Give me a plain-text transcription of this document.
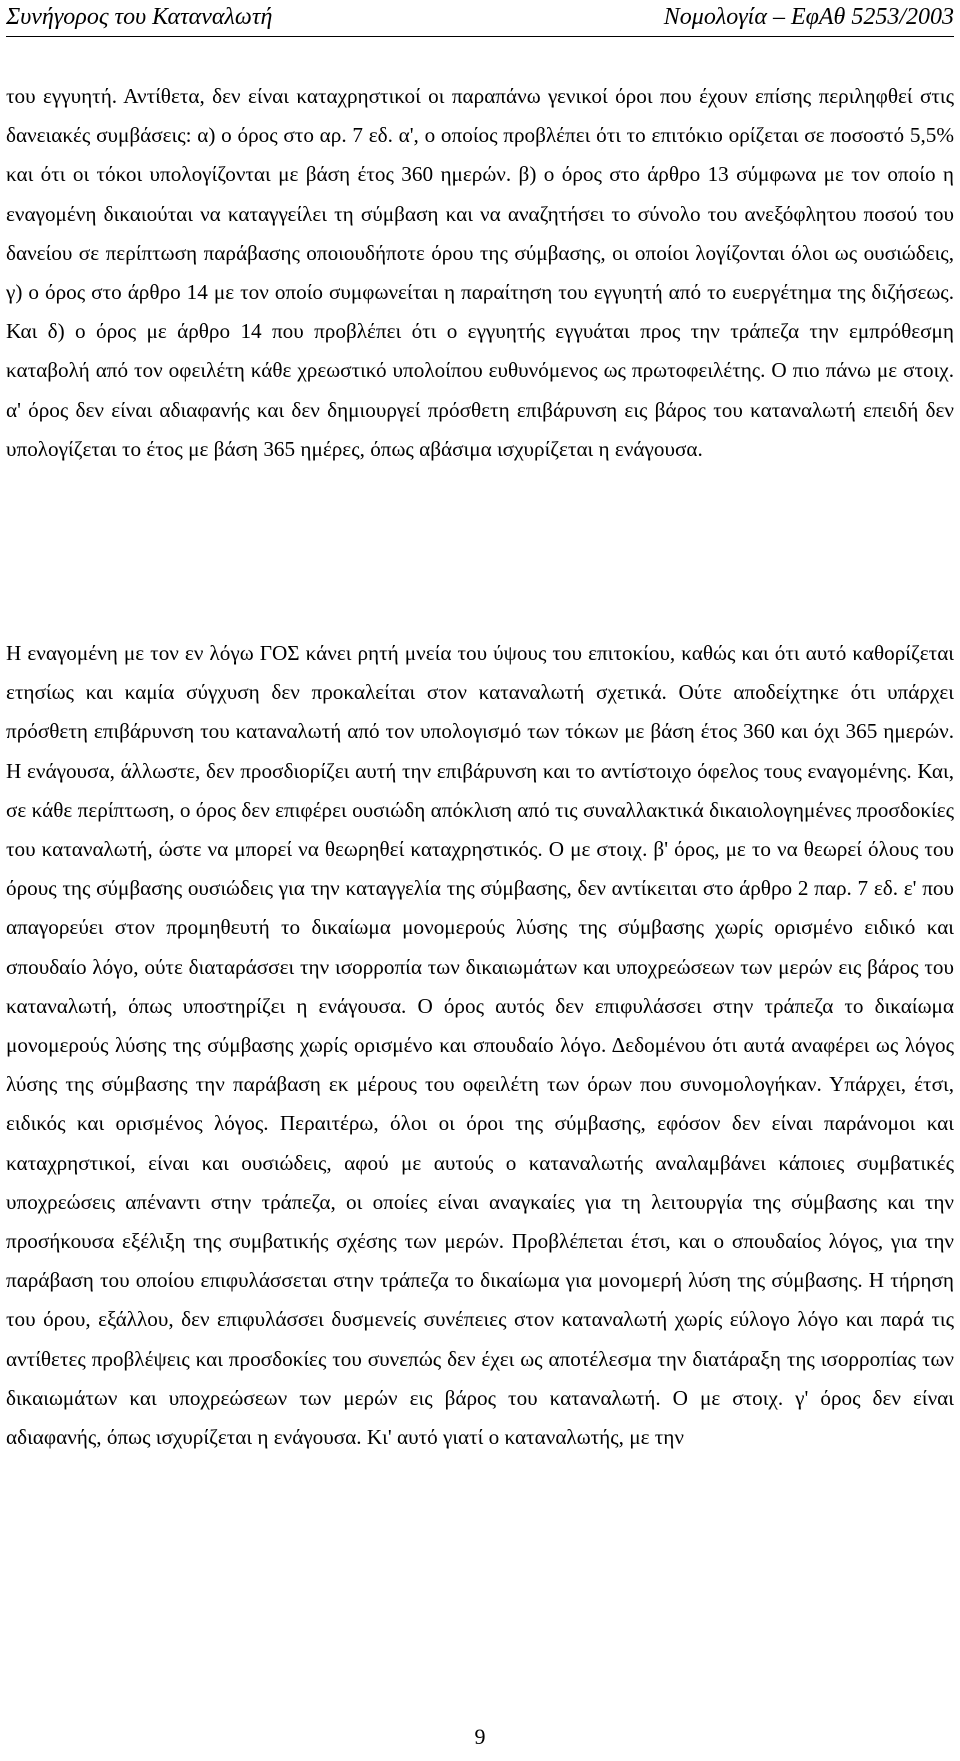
Συνήγορος του Καταναλωτή	Νομολογία – ΕφΑθ 5253/2003

του εγγυητή. Αντίθετα, δεν είναι καταχρηστικοί οι παραπάνω γενικοί όροι που έχουν επίσης περιληφθεί στις δανειακές συμβάσεις: α) ο όρος στο αρ. 7 εδ. α', ο οποίος προβλέπει ότι το επιτόκιο ορίζεται σε ποσοστό 5,5% και ότι οι τόκοι υπολογίζονται με βάση έτος 360 ημερών. β) ο όρος στο άρθρο 13 σύμφωνα με τον οποίο η εναγομένη δικαιούται να καταγγείλει τη σύμβαση και να αναζητήσει το σύνολο του ανεξόφλητου ποσού του δανείου σε περίπτωση παράβασης οποιουδήποτε όρου της σύμβασης, οι οποίοι λογίζονται όλοι ως ουσιώδεις, γ) ο όρος στο άρθρο 14 με τον οποίο συμφωνείται η παραίτηση του εγγυητή από το ευεργέτημα της διζήσεως. Και δ) ο όρος με άρθρο 14 που προβλέπει ότι ο εγγυητής εγγυάται προς την τράπεζα την εμπρόθεσμη καταβολή από τον οφειλέτη κάθε χρεωστικό υπολοίπου ευθυνόμενος ως πρωτοφειλέτης. Ο πιο πάνω με στοιχ. α' όρος δεν είναι αδιαφανής και δεν δημιουργεί πρόσθετη επιβάρυνση εις βάρος του καταναλωτή επειδή δεν υπολογίζεται το έτος με βάση 365 ημέρες, όπως αβάσιμα ισχυρίζεται η ενάγουσα.

Η εναγομένη με τον εν λόγω ΓΟΣ κάνει ρητή μνεία του ύψους του επιτοκίου, καθώς και ότι αυτό καθορίζεται ετησίως και καμία σύγχυση δεν προκαλείται στον καταναλωτή σχετικά. Ούτε αποδείχτηκε ότι υπάρχει πρόσθετη επιβάρυνση του καταναλωτή από τον υπολογισμό των τόκων με βάση έτος 360 και όχι 365 ημερών. Η ενάγουσα, άλλωστε, δεν προσδιορίζει αυτή την επιβάρυνση και το αντίστοιχο όφελος τους εναγομένης. Και, σε κάθε περίπτωση, ο όρος δεν επιφέρει ουσιώδη απόκλιση από τις συναλλακτικά δικαιολογημένες προσδοκίες του καταναλωτή, ώστε να μπορεί να θεωρηθεί καταχρηστικός. Ο με στοιχ. β' όρος, με το να θεωρεί όλους του όρους της σύμβασης ουσιώδεις για την καταγγελία της σύμβασης, δεν αντίκειται στο άρθρο 2 παρ. 7 εδ. ε' που απαγορεύει στον προμηθευτή το δικαίωμα μονομερούς λύσης της σύμβασης χωρίς ορισμένο ειδικό και σπουδαίο λόγο, ούτε διαταράσσει την ισορροπία των δικαιωμάτων και υποχρεώσεων των μερών εις βάρος του καταναλωτή, όπως υποστηρίζει η ενάγουσα. Ο όρος αυτός δεν επιφυλάσσει στην τράπεζα το δικαίωμα μονομερούς λύσης της σύμβασης χωρίς ορισμένο και σπουδαίο λόγο. Δεδομένου ότι αυτά αναφέρει ως λόγος λύσης της σύμβασης την παράβαση εκ μέρους του οφειλέτη των όρων που συνομολογήκαν. Υπάρχει, έτσι, ειδικός και ορισμένος λόγος. Περαιτέρω, όλοι οι όροι της σύμβασης, εφόσον δεν είναι παράνομοι και καταχρηστικοί, είναι και ουσιώδεις, αφού με αυτούς ο καταναλωτής αναλαμβάνει κάποιες συμβατικές υποχρεώσεις απέναντι στην τράπεζα, οι οποίες είναι αναγκαίες για τη λειτουργία της σύμβασης και την προσήκουσα εξέλιξη της συμβατικής σχέσης των μερών. Προβλέπεται έτσι, και ο σπουδαίος λόγος, για την παράβαση του οποίου επιφυλάσσεται στην τράπεζα το δικαίωμα για μονομερή λύση της σύμβασης. Η τήρηση του όρου, εξάλλου, δεν επιφυλάσσει δυσμενείς συνέπειες στον καταναλωτή χωρίς εύλογο λόγο και παρά τις αντίθετες προβλέψεις και προσδοκίες του συνεπώς δεν έχει ως αποτέλεσμα την διατάραξη της ισορροπίας των δικαιωμάτων και υποχρεώσεων των μερών εις βάρος του καταναλωτή. Ο με στοιχ. γ' όρος δεν είναι αδιαφανής, όπως ισχυρίζεται η ενάγουσα. Κι' αυτό γιατί ο καταναλωτής, με την

9
